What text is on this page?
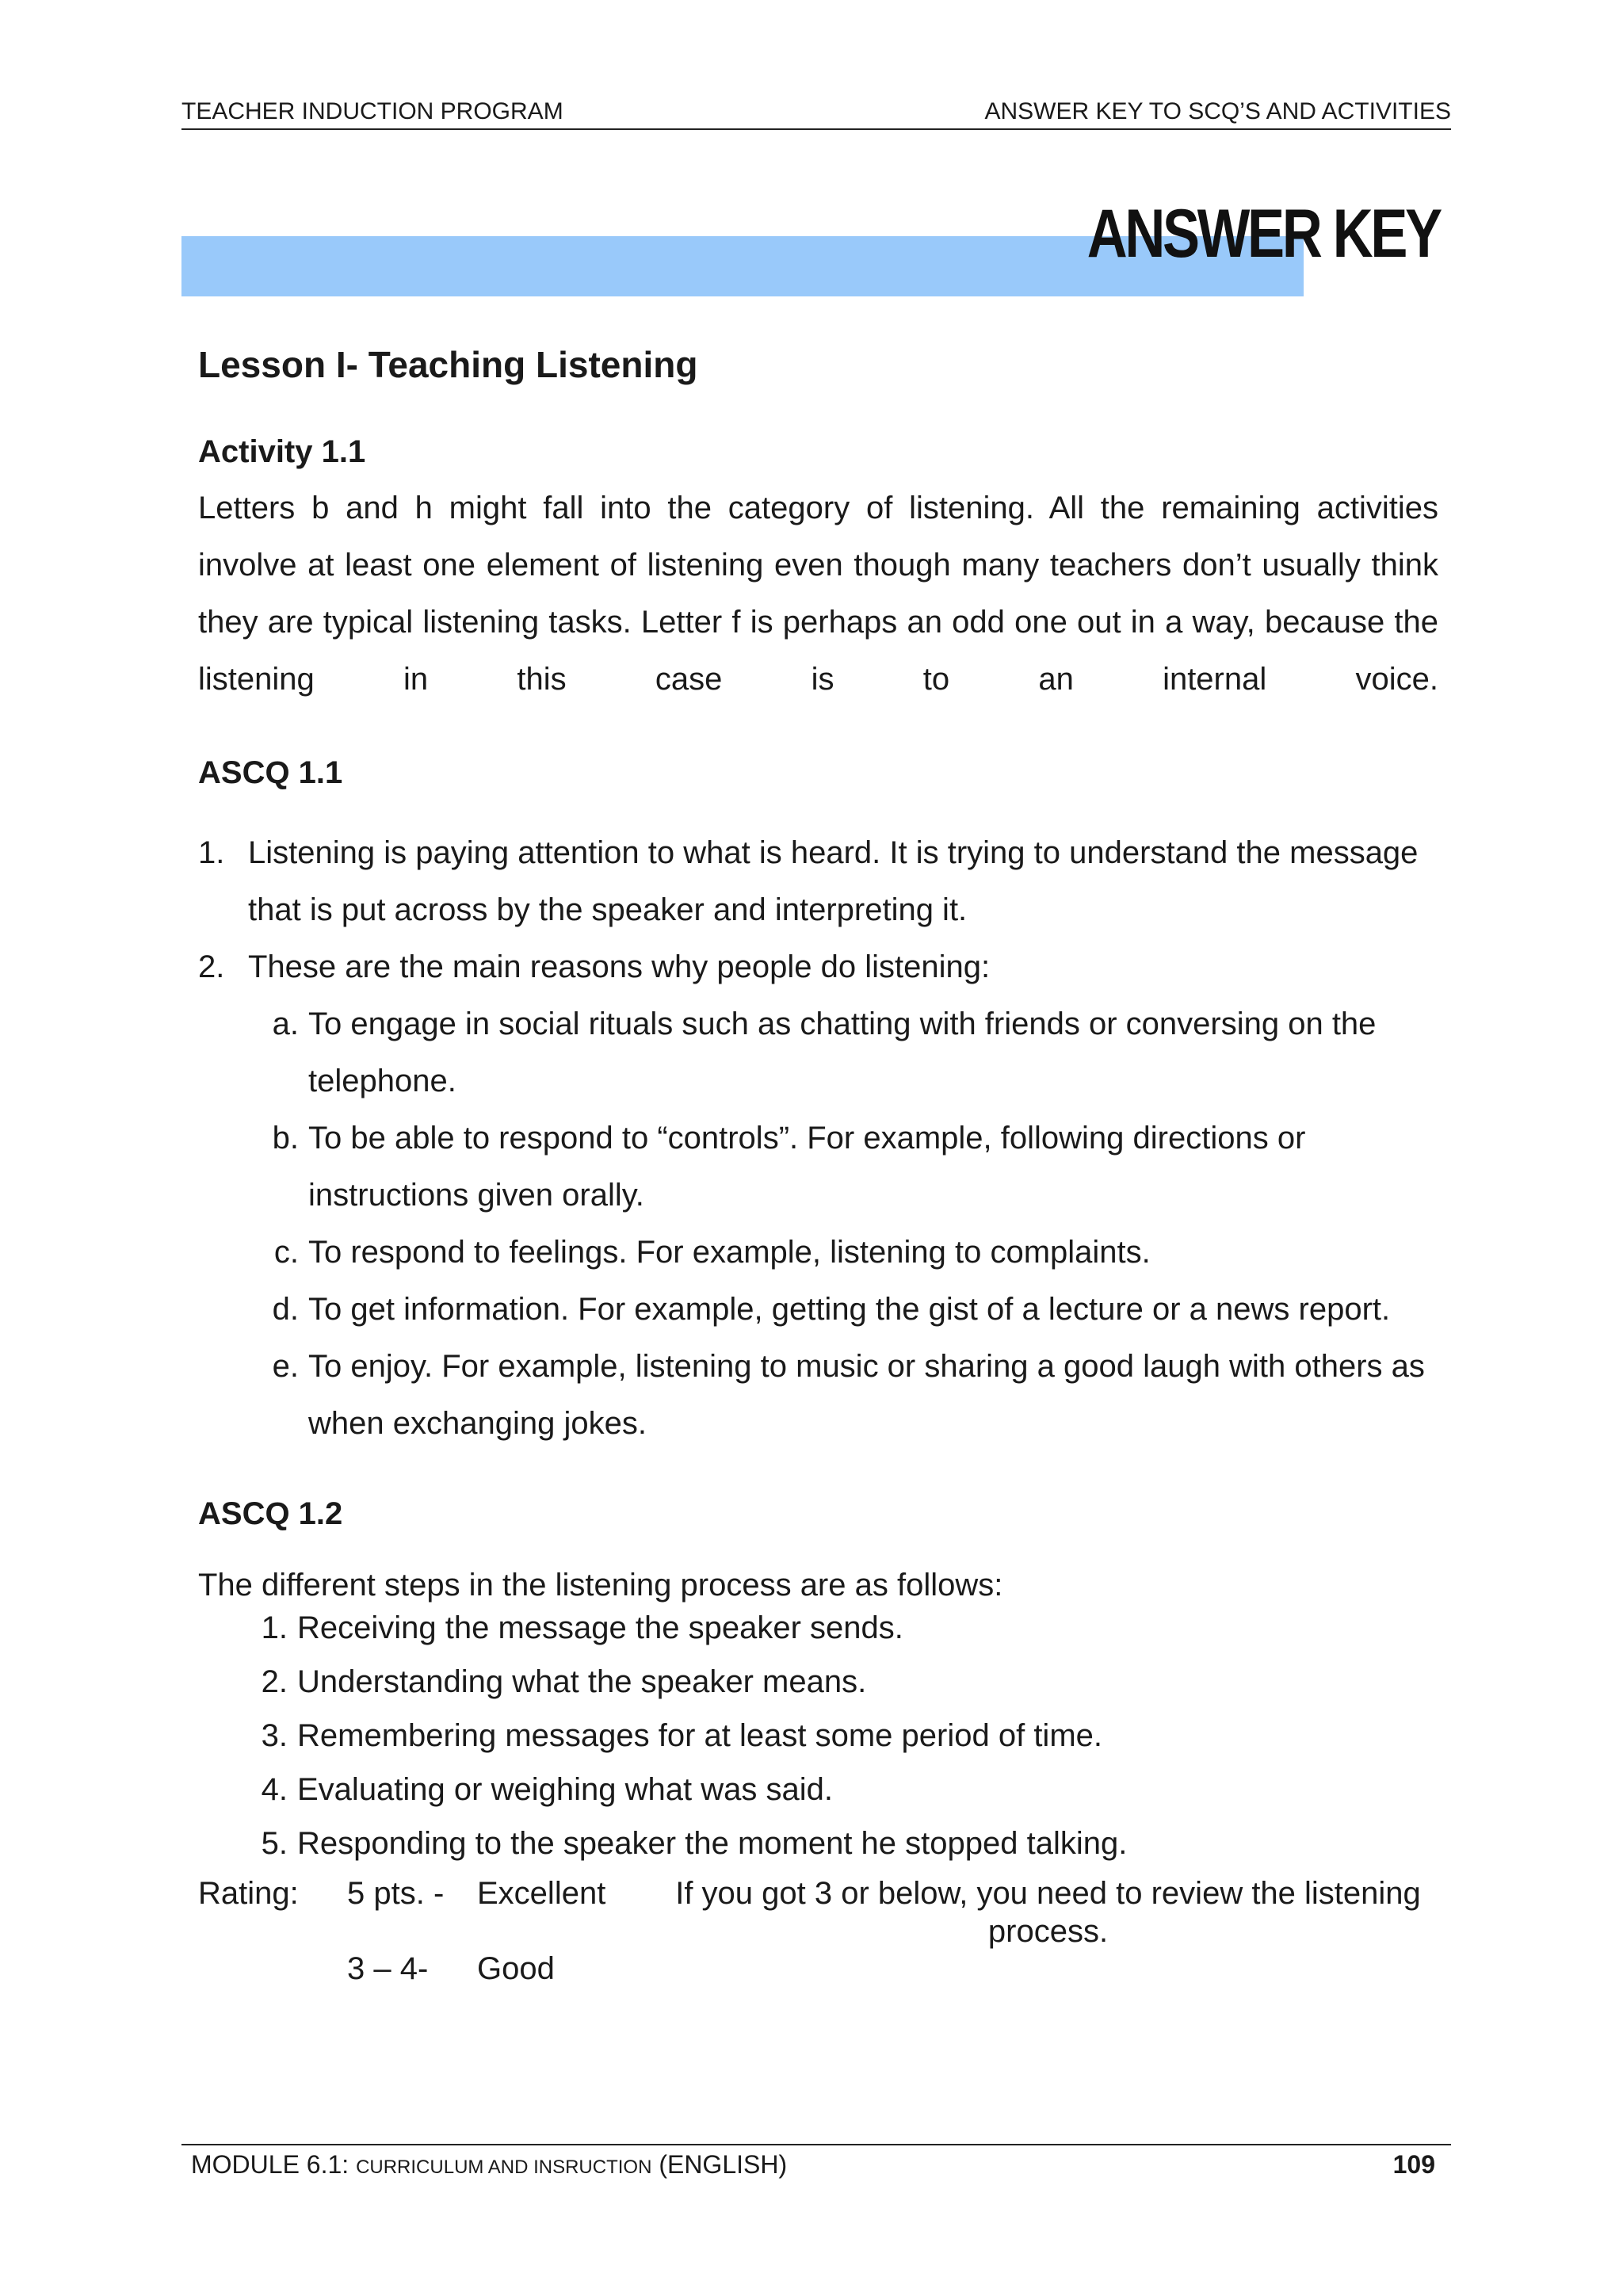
TEACHER INDUCTION PROGRAM	ANSWER KEY TO SCQ’S AND ACTIVITIES
ANSWER KEY
Lesson I- Teaching Listening
Activity 1.1

Letters b and h might fall into the category of listening. All the remaining activities involve at least one element of listening even though many teachers don’t usually think they are typical listening tasks. Letter f is perhaps an odd one out in a way, because the listening in this case is to an internal voice.

ASCQ 1.1
1. Listening is paying attention to what is heard. It is trying to understand the message that is put across by the speaker and interpreting it.
2. These are the main reasons why people do listening:
a. To engage in social rituals such as chatting with friends or conversing on the telephone.
b. To be able to respond to “controls”. For example, following directions or instructions given orally.
c. To respond to feelings. For example, listening to complaints.
d. To get information. For example, getting the gist of a lecture or a news report.
e. To enjoy. For example, listening to music or sharing a good laugh with others as when exchanging jokes.
ASCQ 1.2

The different steps in the listening process are as follows:

1. Receiving the message the speaker sends.
2. Understanding what the speaker means.
3. Remembering messages for at least some period of time.
4. Evaluating or weighing what was said.
5. Responding to the speaker the moment he stopped talking.
Rating: 5 pts. - Excellent	If you got 3 or below, you need to review the listening process.
3 – 4- Good
MODULE 6.1: CURRICULUM AND INSRUCTION (ENGLISH)	109
